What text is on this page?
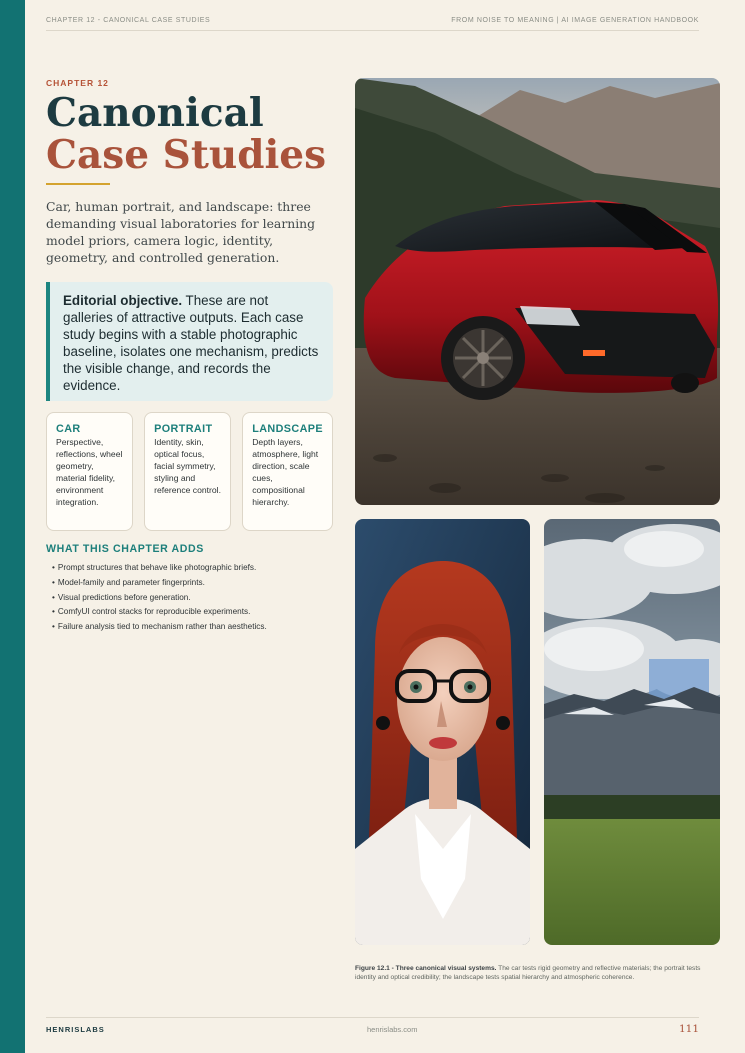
CHAPTER 12 - CANONICAL CASE STUDIES	FROM NOISE TO MEANING | AI IMAGE GENERATION HANDBOOK
CHAPTER 12
Canonical
Case Studies

Car, human portrait, and landscape: three demanding visual laboratories for learning model priors, camera logic, identity, geometry, and controlled generation.

Editorial objective. These are not galleries of attractive outputs. Each case study begins with a stable photographic baseline, isolates one mechanism, predicts the visible change, and records the evidence.
CAR
Perspective, reflections, wheel geometry, material fidelity, environment integration.
PORTRAIT
Identity, skin, optical focus, facial symmetry, styling and reference control.
LANDSCAPE
Depth layers, atmosphere, light direction, scale cues, compositional hierarchy.
WHAT THIS CHAPTER ADDS
• Prompt structures that behave like photographic briefs.
• Model-family and parameter fingerprints.
• Visual predictions before generation.
• ComfyUI control stacks for reproducible experiments.
• Failure analysis tied to mechanism rather than aesthetics.

Figure 12.1 - Three canonical visual systems. The car tests rigid geometry and reflective materials; the portrait tests identity and optical credibility; the landscape tests spatial hierarchy and atmospheric coherence.

HENRISLABS	henrislabs.com	111
